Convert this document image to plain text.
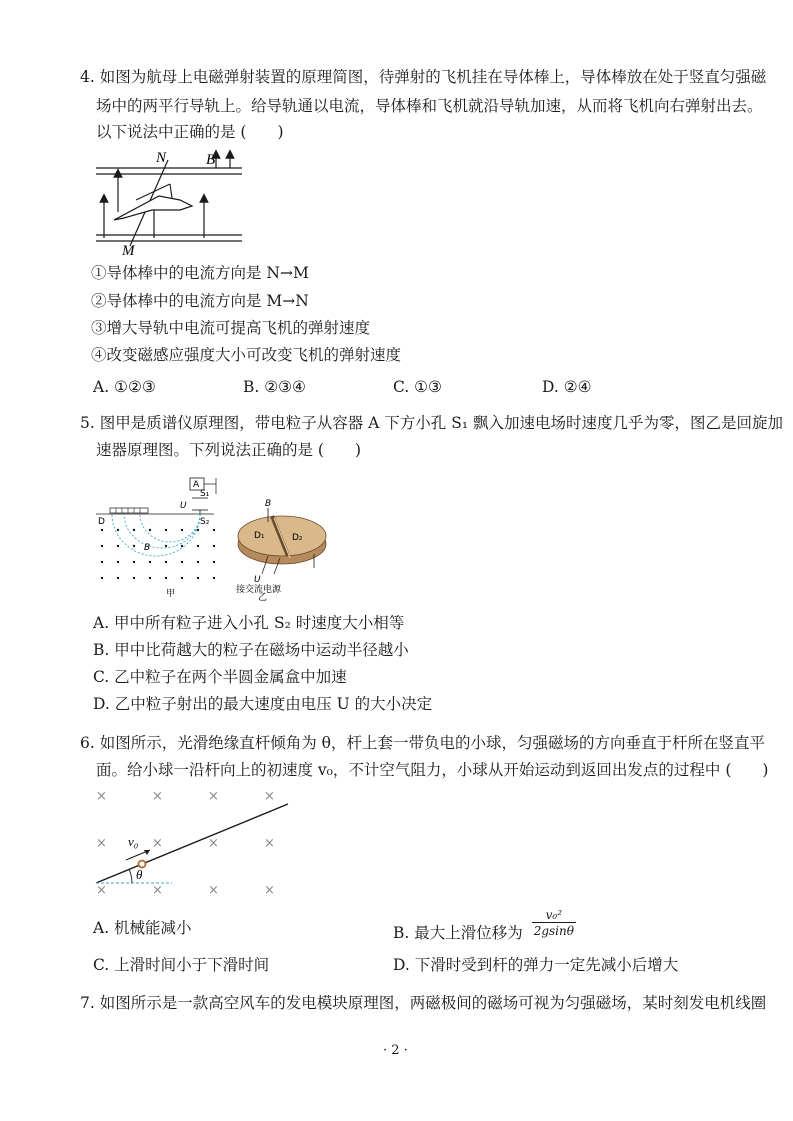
4. 如图为航母上电磁弹射装置的原理简图，待弹射的飞机挂在导体棒上，导体棒放在处于竖直匀强磁
场中的两平行导轨上。给导轨通以电流，导体棒和飞机就沿导轨加速，从而将飞机向右弹射出去。
以下说法中正确的是 (　　)
N	B
M
①导体棒中的电流方向是 N→M
②导体棒中的电流方向是 M→N
③增大导轨中电流可提高飞机的弹射速度
④改变磁感应强度大小可改变飞机的弹射速度
A. ①②③	B. ②③④	C. ①③	D. ②④
5. 图甲是质谱仪原理图，带电粒子从容器 A 下方小孔 S₁ 飘入加速电场时速度几乎为零，图乙是回旋加
速器原理图。下列说法正确的是 (　　)
A
U
S₁
S₂
D
B
甲
D₁	D₂
B
U
接交流电源
乙
A. 甲中所有粒子进入小孔 S₂ 时速度大小相等
B. 甲中比荷越大的粒子在磁场中运动半径越小
C. 乙中粒子在两个半圆金属盒中加速
D. 乙中粒子射出的最大速度由电压 U 的大小决定
6. 如图所示，光滑绝缘直杆倾角为 θ，杆上套一带负电的小球，匀强磁场的方向垂直于杆所在竖直平
面。给小球一沿杆向上的初速度 v₀，不计空气阻力，小球从开始运动到返回出发点的过程中 (　　)
×	×	×	×
×	×	×	×
×	×	×	×
θ
v₀
A. 机械能减小	B. 最大上滑位移为 $\frac{\text{v₀²}}{2gsin\theta}$
C. 上滑时间小于下滑时间	D. 下滑时受到杆的弹力一定先减小后增大
7. 如图所示是一款高空风车的发电模块原理图，两磁极间的磁场可视为匀强磁场，某时刻发电机线圈
· 2 ·
